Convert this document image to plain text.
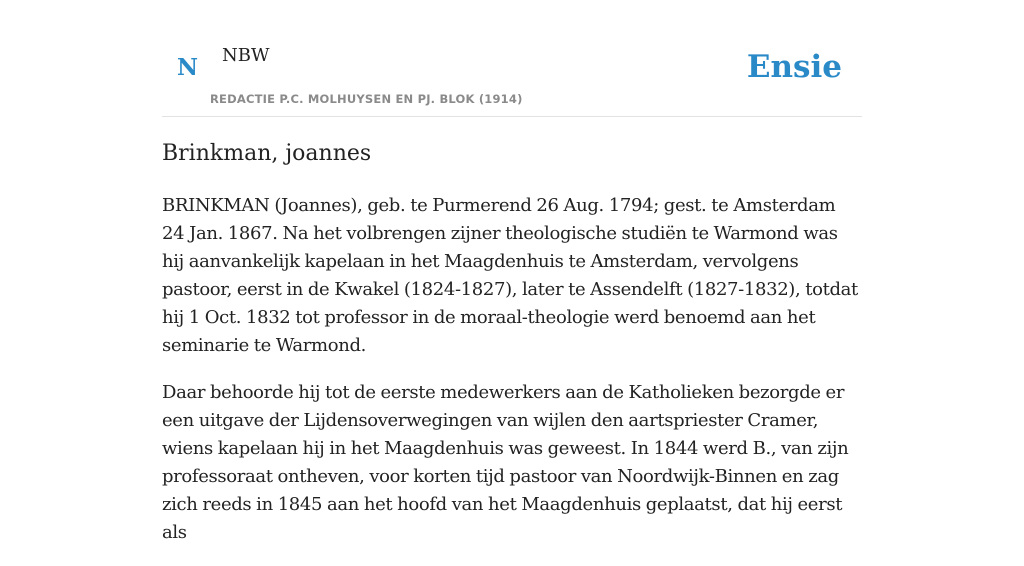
N NBW
REDACTIE P.C. MOLHUYSEN EN PJ. BLOK (1914)
Ensie
Brinkman, joannes

BRINKMAN (Joannes), geb. te Purmerend 26 Aug. 1794; gest. te Amsterdam 24 Jan. 1867. Na het volbrengen zijner theologische studiën te Warmond was hij aanvankelijk kapelaan in het Maagdenhuis te Amsterdam, vervolgens pastoor, eerst in de Kwakel (1824-1827), later te Assendelft (1827-1832), totdat hij 1 Oct. 1832 tot professor in de moraal-theologie werd benoemd aan het seminarie te Warmond.

Daar behoorde hij tot de eerste medewerkers aan de Katholieken bezorgde er een uitgave der Lijdensoverwegingen van wijlen den aartspriester Cramer, wiens kapelaan hij in het Maagdenhuis was geweest. In 1844 werd B., van zijn professoraat ontheven, voor korten tijd pastoor van Noordwijk-Binnen en zag zich reeds in 1845 aan het hoofd van het Maagdenhuis geplaatst, dat hij eerst als
